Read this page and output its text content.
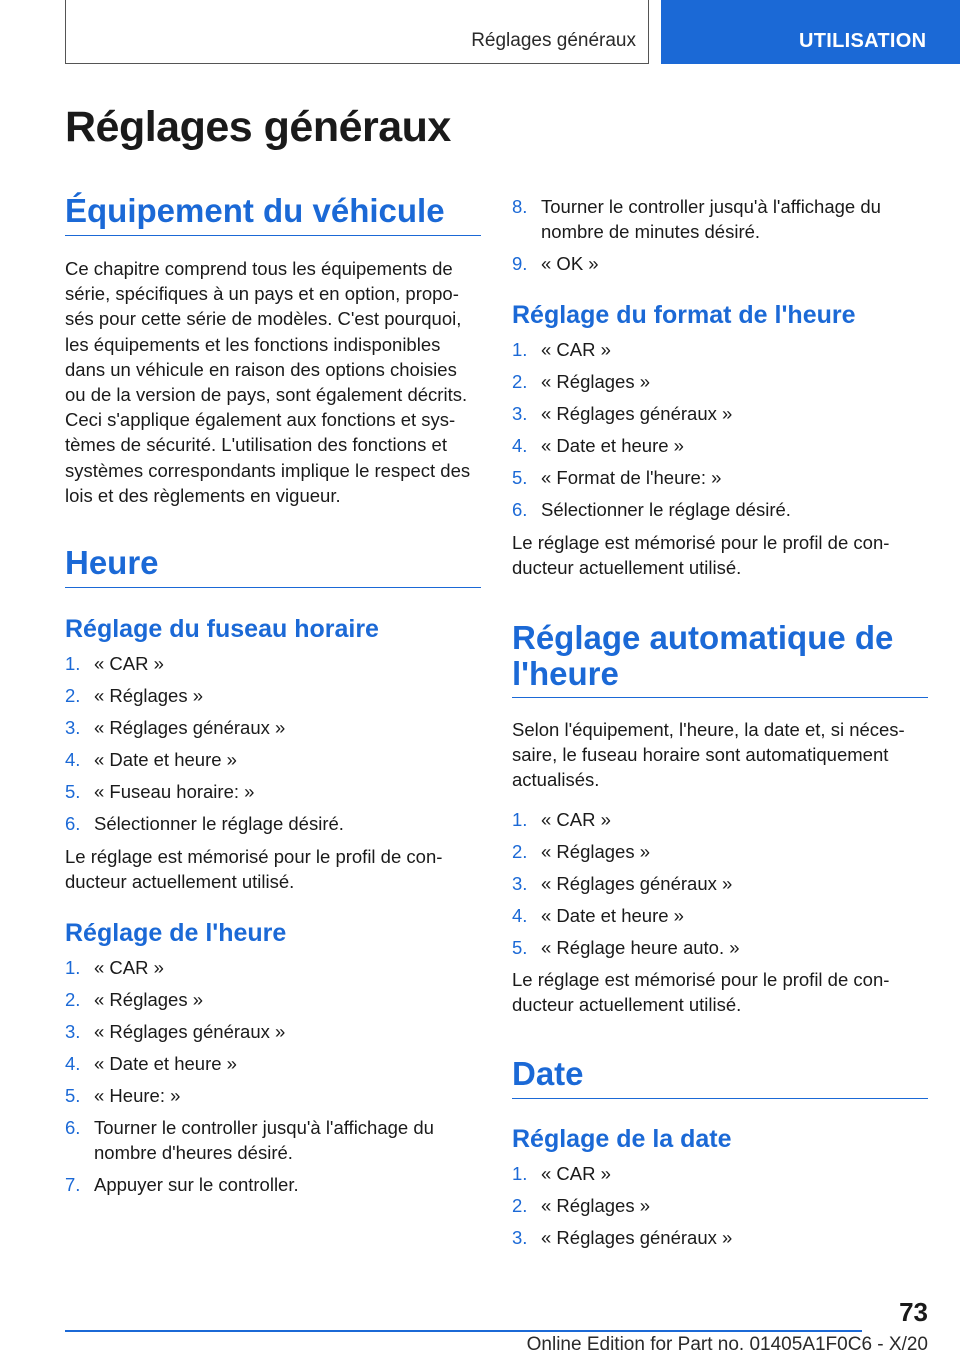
Réglages généraux	UTILISATION
Réglages généraux
Équipement du véhicule

Ce chapitre comprend tous les équipements de série, spécifiques à un pays et en option, propo-sés pour cette série de modèles. C'est pourquoi, les équipements et les fonctions indisponibles dans un véhicule en raison des options choisies ou de la version de pays, sont également décrits. Ceci s'applique également aux fonctions et sys-tèmes de sécurité. L'utilisation des fonctions et systèmes correspondants implique le respect des lois et des règlements en vigueur.

Heure
Réglage du fuseau horaire
1. « CAR »
2. « Réglages »
3. « Réglages généraux »
4. « Date et heure »
5. « Fuseau horaire: »
6. Sélectionner le réglage désiré.

Le réglage est mémorisé pour le profil de con-ducteur actuellement utilisé.

Réglage de l'heure
1. « CAR »
2. « Réglages »
3. « Réglages généraux »
4. « Date et heure »
5. « Heure: »
6. Tourner le controller jusqu'à l'affichage du nombre d'heures désiré.
7. Appuyer sur le controller.
8. Tourner le controller jusqu'à l'affichage du nombre de minutes désiré.
9. « OK »
Réglage du format de l'heure
1. « CAR »
2. « Réglages »
3. « Réglages généraux »
4. « Date et heure »
5. « Format de l'heure: »
6. Sélectionner le réglage désiré.

Le réglage est mémorisé pour le profil de con-ducteur actuellement utilisé.

Réglage automatique de l'heure

Selon l'équipement, l'heure, la date et, si néces-saire, le fuseau horaire sont automatiquement actualisés.

1. « CAR »
2. « Réglages »
3. « Réglages généraux »
4. « Date et heure »
5. « Réglage heure auto. »

Le réglage est mémorisé pour le profil de con-ducteur actuellement utilisé.

Date
Réglage de la date
1. « CAR »
2. « Réglages »
3. « Réglages généraux »
73
Online Edition for Part no. 01405A1F0C6 - X/20
